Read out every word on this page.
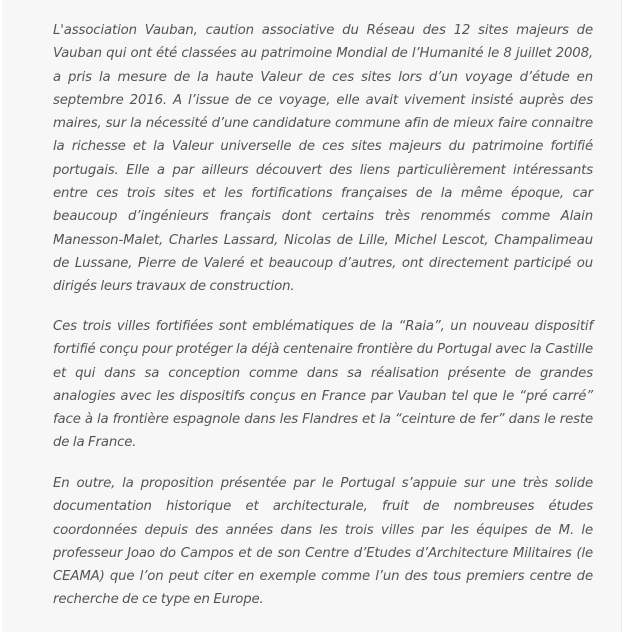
L'association Vauban, caution associative du Réseau des 12 sites majeurs de Vauban qui ont été classées au patrimoine Mondial de l’Humanité le 8 juillet 2008, a pris la mesure de la haute Valeur de ces sites lors d’un voyage d’étude en septembre 2016. A l’issue de ce voyage, elle avait vivement insisté auprès des maires, sur la nécessité d’une candidature commune afin de mieux faire connaitre la richesse et la Valeur universelle de ces sites majeurs du patrimoine fortifié portugais. Elle a par ailleurs découvert des liens particulièrement intéressants entre ces trois sites et les fortifications françaises de la même époque, car beaucoup d’ingénieurs français dont certains très renommés comme Alain Manesson-Malet, Charles Lassard, Nicolas de Lille, Michel Lescot, Champalimeau de Lussane, Pierre de Valeré et beaucoup d’autres, ont directement participé ou dirigés leurs travaux de construction.

Ces trois villes fortifiées sont emblématiques de la “Raia”, un nouveau dispositif fortifié conçu pour protéger la déjà centenaire frontière du Portugal avec la Castille et qui dans sa conception comme dans sa réalisation présente de grandes analogies avec les dispositifs conçus en France par Vauban tel que le “pré carré” face à la frontière espagnole dans les Flandres et la “ceinture de fer” dans le reste de la France.

En outre, la proposition présentée par le Portugal s’appuie sur une très solide documentation historique et architecturale, fruit de nombreuses études coordonnées depuis des années dans les trois villes par les équipes de M. le professeur Joao do Campos et de son Centre d’Etudes d’Architecture Militaires (le CEAMA) que l’on peut citer en exemple comme l’un des tous premiers centre de recherche de ce type en Europe.
